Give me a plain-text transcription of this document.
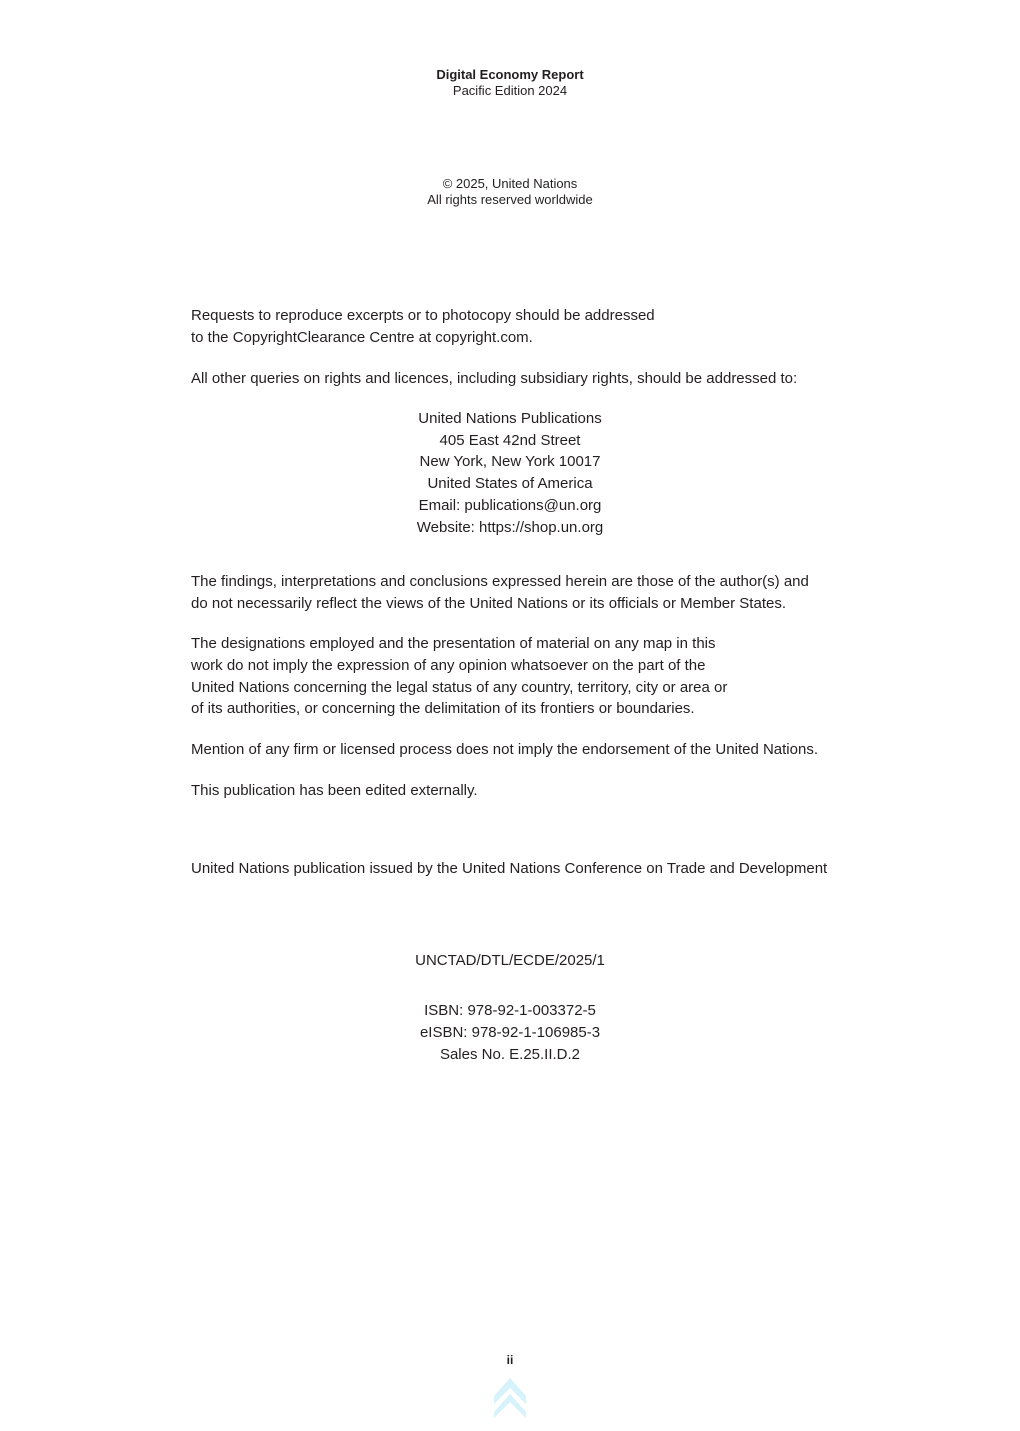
Digital Economy Report
Pacific Edition 2024
© 2025, United Nations
All rights reserved worldwide

Requests to reproduce excerpts or to photocopy should be addressed

to the CopyrightClearance Centre at copyright.com.

All other queries on rights and licences, including subsidiary rights, should be addressed to:

United Nations Publications
405 East 42nd Street
New York, New York 10017
United States of America
Email: publications@un.org
Website: https://shop.un.org

The findings, interpretations and conclusions expressed herein are those of the author(s) and

do not necessarily reflect the views of the United Nations or its officials or Member States.

The designations employed and the presentation of material on any map in this

work do not imply the expression of any opinion whatsoever on the part of the

United Nations concerning the legal status of any country, territory, city or area or

of its authorities, or concerning the delimitation of its frontiers or boundaries.

Mention of any firm or licensed process does not imply the endorsement of the United Nations.

This publication has been edited externally.

United Nations publication issued by the United Nations Conference on Trade and Development

UNCTAD/DTL/ECDE/2025/1
ISBN: 978-92-1-003372-5
eISBN: 978-92-1-106985-3
Sales No. E.25.II.D.2
ii
